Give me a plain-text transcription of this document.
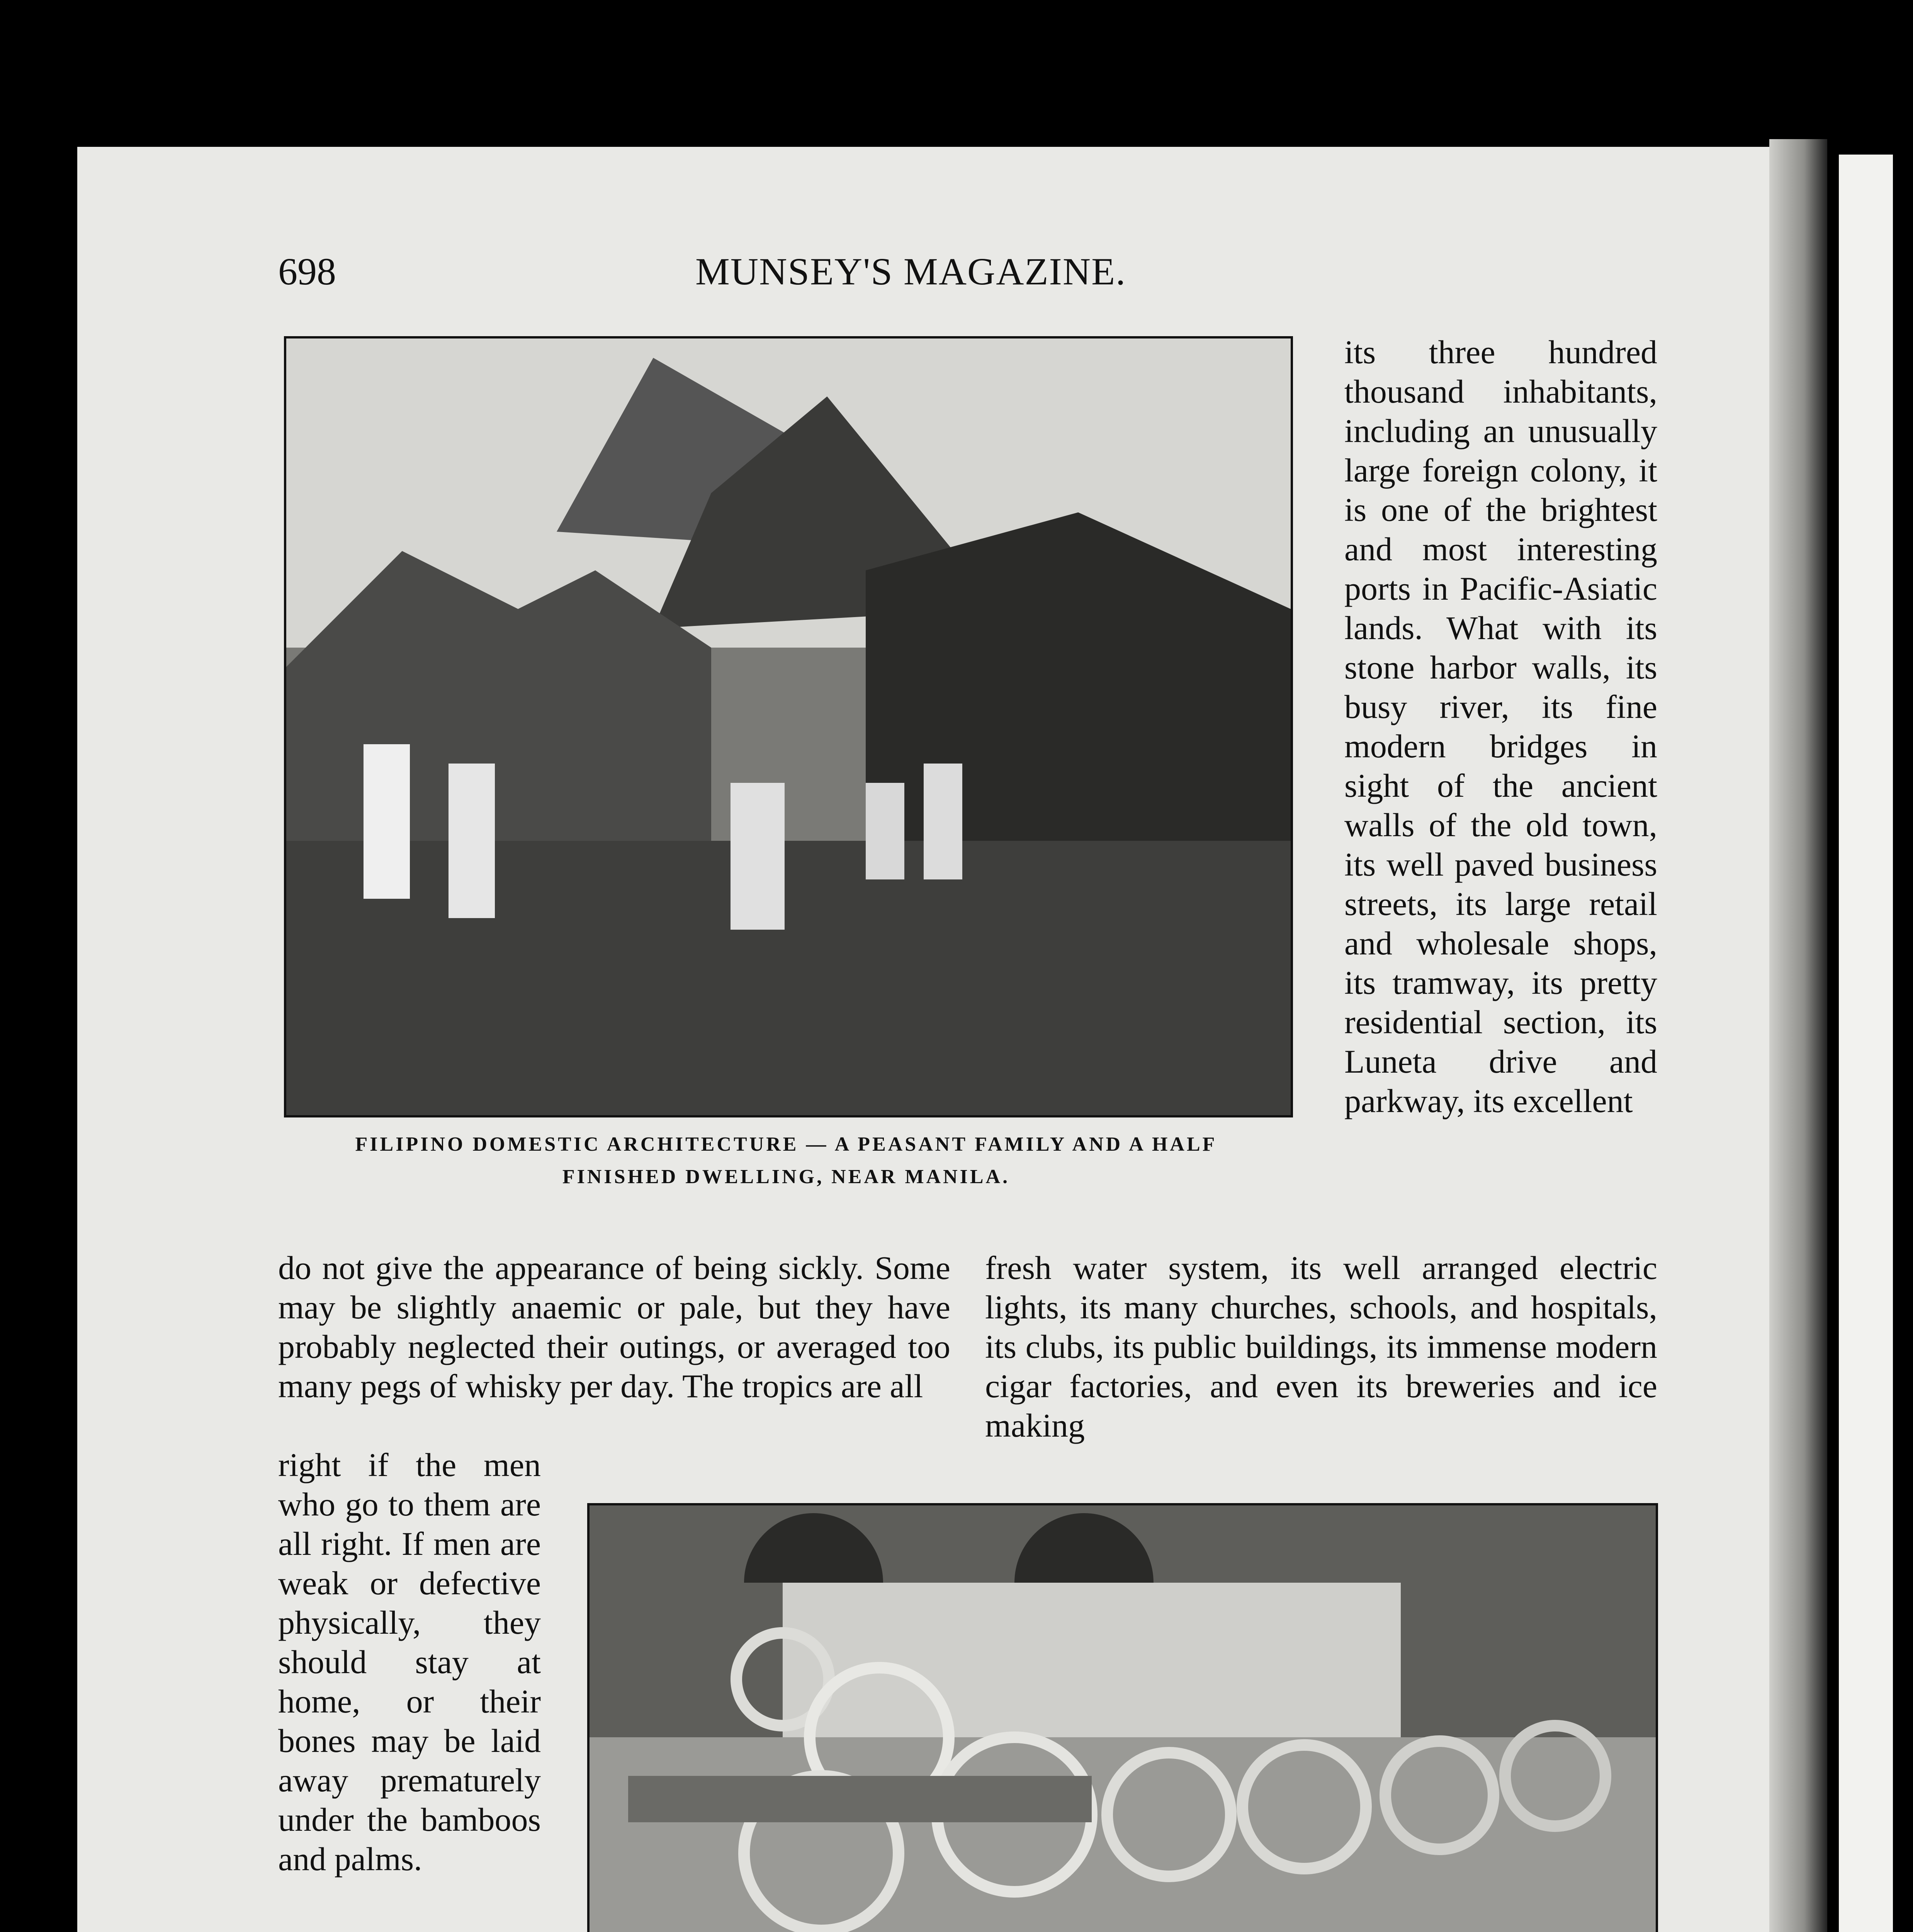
698	MUNSEY'S MAGAZINE.
FILIPINO DOMESTIC ARCHITECTURE — A PEASANT FAMILY AND A HALF
FINISHED DWELLING, NEAR MANILA.
its three hundred thousand inhabitants, including an unusually large foreign colony, it is one of the brightest and most interesting ports in Pacific-Asiatic lands. What with its stone harbor walls, its busy river, its fine modern bridges in sight of the ancient walls of the old town, its well paved business streets, its large retail and wholesale shops, its tramway, its pretty residential section, its Luneta drive and parkway, its excellent
do not give the appearance of being sickly. Some may be slightly anaemic or pale, but they have probably neglected their outings, or averaged too many pegs of whisky per day. The tropics are all
fresh water system, its well arranged electric lights, its many churches, schools, and hospitals, its clubs, its public buildings, its immense modern cigar factories, and even its breweries and ice making
right if the men who go to them are all right. If men are weak or defective physically, they should stay at home, or their bones may be laid away prematurely under the bamboos and palms.
